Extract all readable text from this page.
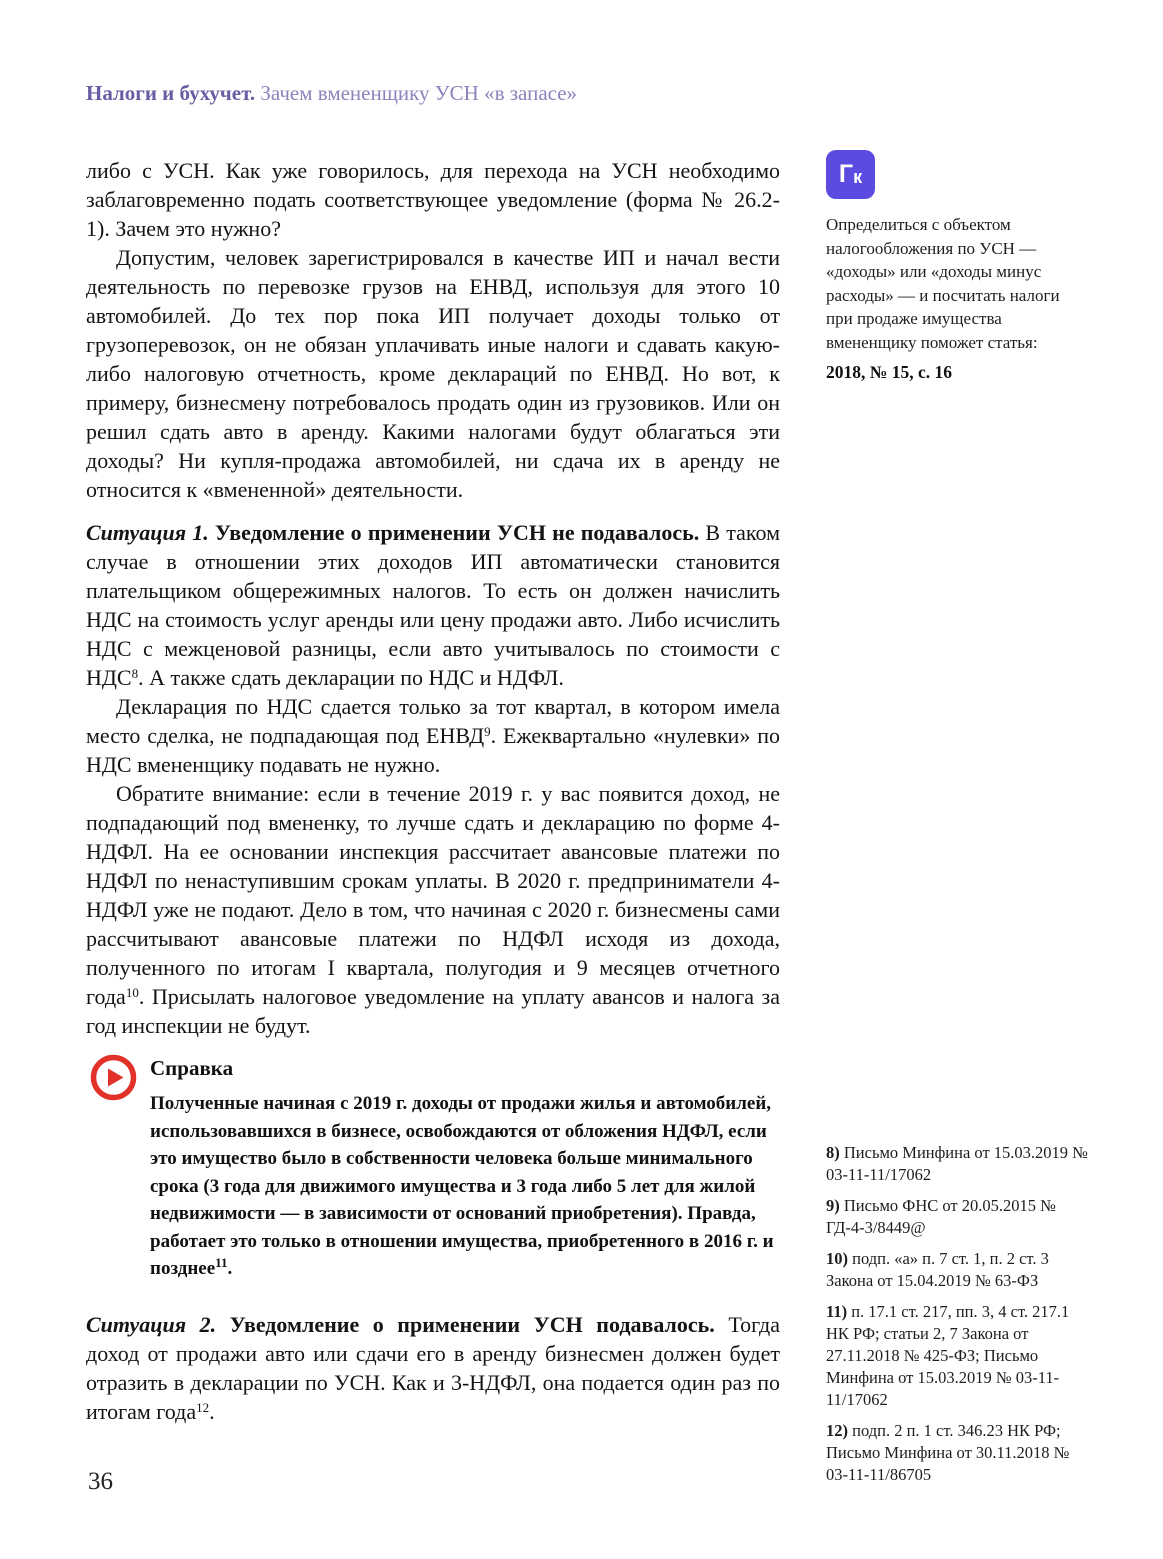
Налоги и бухучет. Зачем вмененщику УСН «в запасе»

либо с УСН. Как уже говорилось, для перехода на УСН необходимо заблаговременно подать соответствующее уведомление (форма № 26.2-1). Зачем это нужно?

Допустим, человек зарегистрировался в качестве ИП и начал вести деятельность по перевозке грузов на ЕНВД, используя для этого 10 автомобилей. До тех пор пока ИП получает доходы только от грузоперевозок, он не обязан уплачивать иные налоги и сдавать какую-либо налоговую отчетность, кроме деклараций по ЕНВД. Но вот, к примеру, бизнесмену потребовалось продать один из грузовиков. Или он решил сдать авто в аренду. Какими налогами будут облагаться эти доходы? Ни купля-продажа автомобилей, ни сдача их в аренду не относится к «вмененной» деятельности.

Ситуация 1. Уведомление о применении УСН не подавалось. В таком случае в отношении этих доходов ИП автоматически становится плательщиком общережимных налогов. То есть он должен начислить НДС на стоимость услуг аренды или цену продажи авто. Либо исчислить НДС с межценовой разницы, если авто учитывалось по стоимости с НДС$^8$. А также сдать декларации по НДС и НДФЛ.

Декларация по НДС сдается только за тот квартал, в котором имела место сделка, не подпадающая под ЕНВД$^9$. Ежеквартально «нулевки» по НДС вмененщику подавать не нужно.

Обратите внимание: если в течение 2019 г. у вас появится доход, не подпадающий под вмененку, то лучше сдать и декларацию по форме 4-НДФЛ. На ее основании инспекция рассчитает авансовые платежи по НДФЛ по ненаступившим срокам уплаты. В 2020 г. предприниматели 4-НДФЛ уже не подают. Дело в том, что начиная с 2020 г. бизнесмены сами рассчитывают авансовые платежи по НДФЛ исходя из дохода, полученного по итогам I квартала, полугодия и 9 месяцев отчетного года$^{10}$. Присылать налоговое уведомление на уплату авансов и налога за год инспекции не будут.

Справка

Полученные начиная с 2019 г. доходы от продажи жилья и автомобилей, использовавшихся в бизнесе, освобождаются от обложения НДФЛ, если это имущество было в собственности человека больше минимального срока (3 года для движимого имущества и 3 года либо 5 лет для жилой недвижимости — в зависимости от оснований приобретения). Правда, работает это только в отношении имущества, приобретенного в 2016 г. и позднее$^{11}$.

Ситуация 2. Уведомление о применении УСН подавалось. Тогда доход от продажи авто или сдачи его в аренду бизнесмен должен будет отразить в декларации по УСН. Как и 3-НДФЛ, она подается один раз по итогам года$^{12}$.

Г к

Определиться с объектом налогообложения по УСН — «доходы» или «доходы минус расходы» — и посчитать налоги при продаже имущества вмененщику поможет статья:

2018, № 15, с. 16

8) Письмо Минфина от 15.03.2019 № 03-11-11/17062

9) Письмо ФНС от 20.05.2015 № ГД-4-3/8449@

10) подп. «а» п. 7 ст. 1, п. 2 ст. 3 Закона от 15.04.2019 № 63-ФЗ

11) п. 17.1 ст. 217, пп. 3, 4 ст. 217.1 НК РФ; статьи 2, 7 Закона от 27.11.2018 № 425-ФЗ; Письмо Минфина от 15.03.2019 № 03-11-11/17062

12) подп. 2 п. 1 ст. 346.23 НК РФ; Письмо Минфина от 30.11.2018 № 03-11-11/86705

36
